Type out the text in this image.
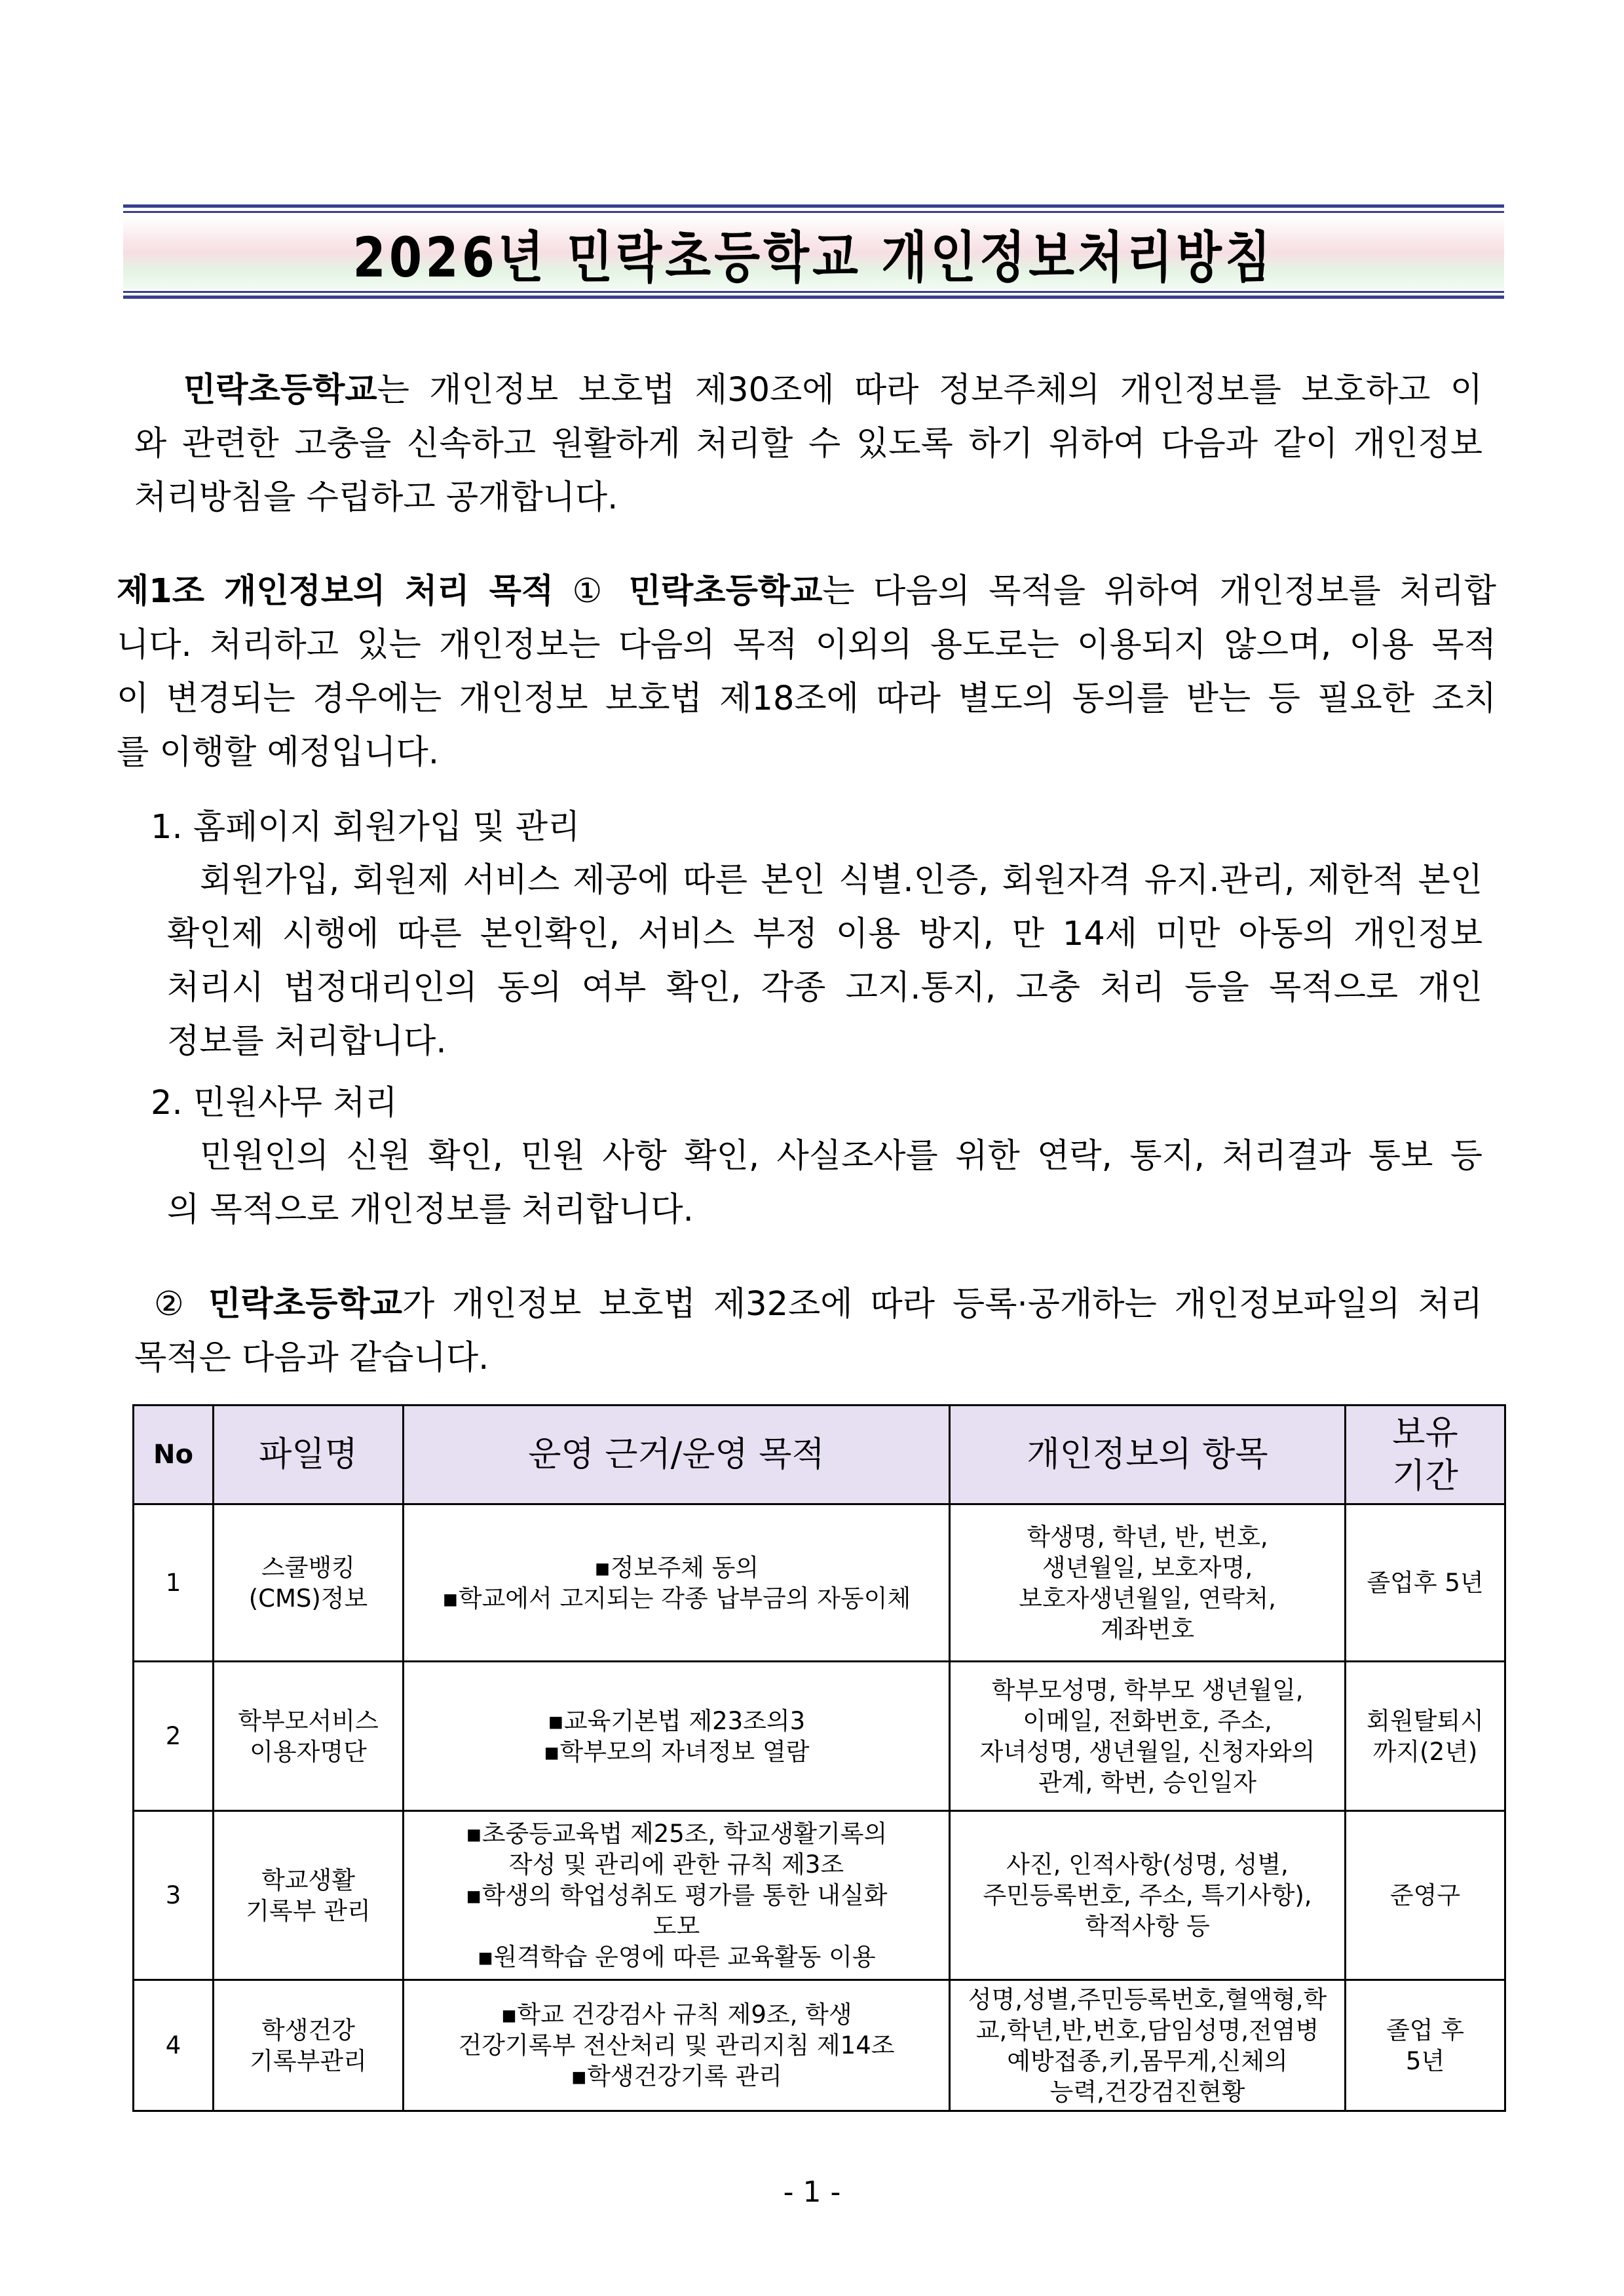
2026년 민락초등학교 개인정보처리방침
민락초등학교는 개인정보 보호법 제30조에 따라 정보주체의 개인정보를 보호하고 이
와 관련한 고충을 신속하고 원활하게 처리할 수 있도록 하기 위하여 다음과 같이 개인정보
처리방침을 수립하고 공개합니다.
제1조 개인정보의 처리 목적 ① 민락초등학교는 다음의 목적을 위하여 개인정보를 처리합
니다. 처리하고 있는 개인정보는 다음의 목적 이외의 용도로는 이용되지 않으며, 이용 목적
이 변경되는 경우에는 개인정보 보호법 제18조에 따라 별도의 동의를 받는 등 필요한 조치
를 이행할 예정입니다.
1. 홈페이지 회원가입 및 관리
회원가입, 회원제 서비스 제공에 따른 본인 식별.인증, 회원자격 유지.관리, 제한적 본인
확인제 시행에 따른 본인확인, 서비스 부정 이용 방지, 만 14세 미만 아동의 개인정보
처리시 법정대리인의 동의 여부 확인, 각종 고지.통지, 고충 처리 등을 목적으로 개인
정보를 처리합니다.
2. 민원사무 처리
민원인의 신원 확인, 민원 사항 확인, 사실조사를 위한 연락, 통지, 처리결과 통보 등
의 목적으로 개인정보를 처리합니다.
② 민락초등학교가 개인정보 보호법 제32조에 따라 등록·공개하는 개인정보파일의 처리
목적은 다음과 같습니다.
No	파일명	운영 근거/운영 목적	개인정보의 항목	보유
기간

1	스쿨뱅킹
(CMS)정보	▪정보주체 동의
▪학교에서 고지되는 각종 납부금의 자동이체	학생명, 학년, 반, 번호,
생년월일, 보호자명,
보호자생년월일, 연락처,
계좌번호	졸업후 5년

2	학부모서비스
이용자명단	▪교육기본법 제23조의3
▪학부모의 자녀정보 열람	학부모성명, 학부모 생년월일,
이메일, 전화번호, 주소,
자녀성명, 생년월일, 신청자와의
관계, 학번, 승인일자	회원탈퇴시
까지(2년)

3	학교생활
기록부 관리	▪초중등교육법 제25조, 학교생활기록의
작성 및 관리에 관한 규칙 제3조
▪학생의 학업성취도 평가를 통한 내실화
도모
▪원격학습 운영에 따른 교육활동 이용	사진, 인적사항(성명, 성별,
주민등록번호, 주소, 특기사항),
학적사항 등	준영구

4	학생건강
기록부관리	▪학교 건강검사 규칙 제9조, 학생
건강기록부 전산처리 및 관리지침 제14조
▪학생건강기록 관리	성명,성별,주민등록번호,혈액형,학
교,학년,반,번호,담임성명,전염병
예방접종,키,몸무게,신체의
능력,건강검진현황	졸업 후
5년
- 1 -
